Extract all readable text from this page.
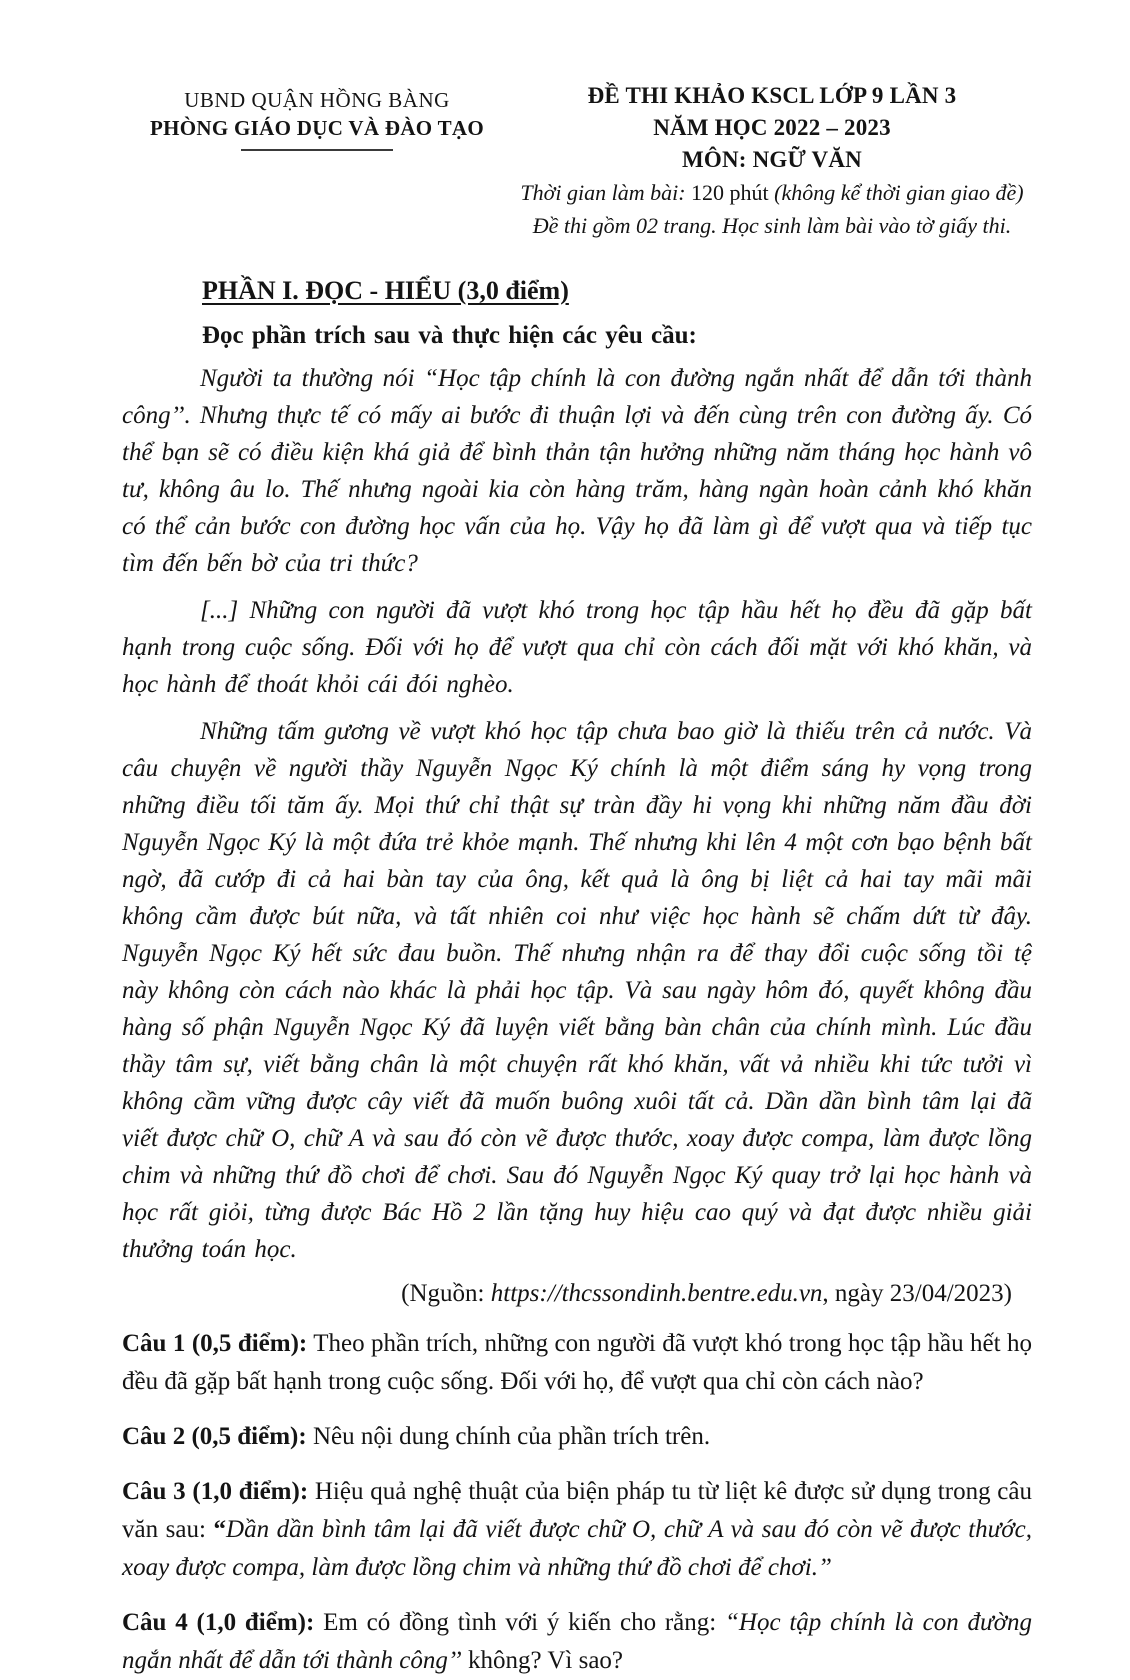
UBND QUẬN HỒNG BÀNG
PHÒNG GIÁO DỤC VÀ ĐÀO TẠO
ĐỀ THI KHẢO KSCL LỚP 9 LẦN 3
NĂM HỌC 2022 – 2023
MÔN: NGỮ VĂN
Thời gian làm bài: 120 phút (không kể thời gian giao đề)
Đề thi gồm 02 trang. Học sinh làm bài vào tờ giấy thi.
PHẦN I. ĐỌC - HIỂU (3,0 điểm)
Đọc phần trích sau và thực hiện các yêu cầu:

Người ta thường nói “Học tập chính là con đường ngắn nhất để dẫn tới thành công’’. Nhưng thực tế có mấy ai bước đi thuận lợi và đến cùng trên con đường ấy. Có thể bạn sẽ có điều kiện khá giả để bình thản tận hưởng những năm tháng học hành vô tư, không âu lo. Thế nhưng ngoài kia còn hàng trăm, hàng ngàn hoàn cảnh khó khăn có thể cản bước con đường học vấn của họ. Vậy họ đã làm gì để vượt qua và tiếp tục tìm đến bến bờ của tri thức?

[...] Những con người đã vượt khó trong học tập hầu hết họ đều đã gặp bất hạnh trong cuộc sống. Đối với họ để vượt qua chỉ còn cách đối mặt với khó khăn, và học hành để thoát khỏi cái đói nghèo.

Những tấm gương về vượt khó học tập chưa bao giờ là thiếu trên cả nước. Và câu chuyện về người thầy Nguyễn Ngọc Ký chính là một điểm sáng hy vọng trong những điều tối tăm ấy. Mọi thứ chỉ thật sự tràn đầy hi vọng khi những năm đầu đời Nguyễn Ngọc Ký là một đứa trẻ khỏe mạnh. Thế nhưng khi lên 4 một cơn bạo bệnh bất ngờ, đã cướp đi cả hai bàn tay của ông, kết quả là ông bị liệt cả hai tay mãi mãi không cầm được bút nữa, và tất nhiên coi như việc học hành sẽ chấm dứt từ đây. Nguyễn Ngọc Ký hết sức đau buồn. Thế nhưng nhận ra để thay đổi cuộc sống tồi tệ này không còn cách nào khác là phải học tập. Và sau ngày hôm đó, quyết không đầu hàng số phận Nguyễn Ngọc Ký đã luyện viết bằng bàn chân của chính mình. Lúc đầu thầy tâm sự, viết bằng chân là một chuyện rất khó khăn, vất vả nhiều khi tức tưởi vì không cầm vững được cây viết đã muốn buông xuôi tất cả. Dần dần bình tâm lại đã viết được chữ O, chữ A và sau đó còn vẽ được thước, xoay được compa, làm được lồng chim và những thứ đồ chơi để chơi. Sau đó Nguyễn Ngọc Ký quay trở lại học hành và học rất giỏi, từng được Bác Hồ 2 lần tặng huy hiệu cao quý và đạt được nhiều giải thưởng toán học.

(Nguồn: https://thcssondinh.bentre.edu.vn, ngày 23/04/2023)

Câu 1 (0,5 điểm): Theo phần trích, những con người đã vượt khó trong học tập hầu hết họ đều đã gặp bất hạnh trong cuộc sống. Đối với họ, để vượt qua chỉ còn cách nào?

Câu 2 (0,5 điểm): Nêu nội dung chính của phần trích trên.

Câu 3 (1,0 điểm): Hiệu quả nghệ thuật của biện pháp tu từ liệt kê được sử dụng trong câu văn sau: “Dần dần bình tâm lại đã viết được chữ O, chữ A và sau đó còn vẽ được thước, xoay được compa, làm được lồng chim và những thứ đồ chơi để chơi.”

Câu 4 (1,0 điểm): Em có đồng tình với ý kiến cho rằng: “Học tập chính là con đường ngắn nhất để dẫn tới thành công’’ không? Vì sao?
